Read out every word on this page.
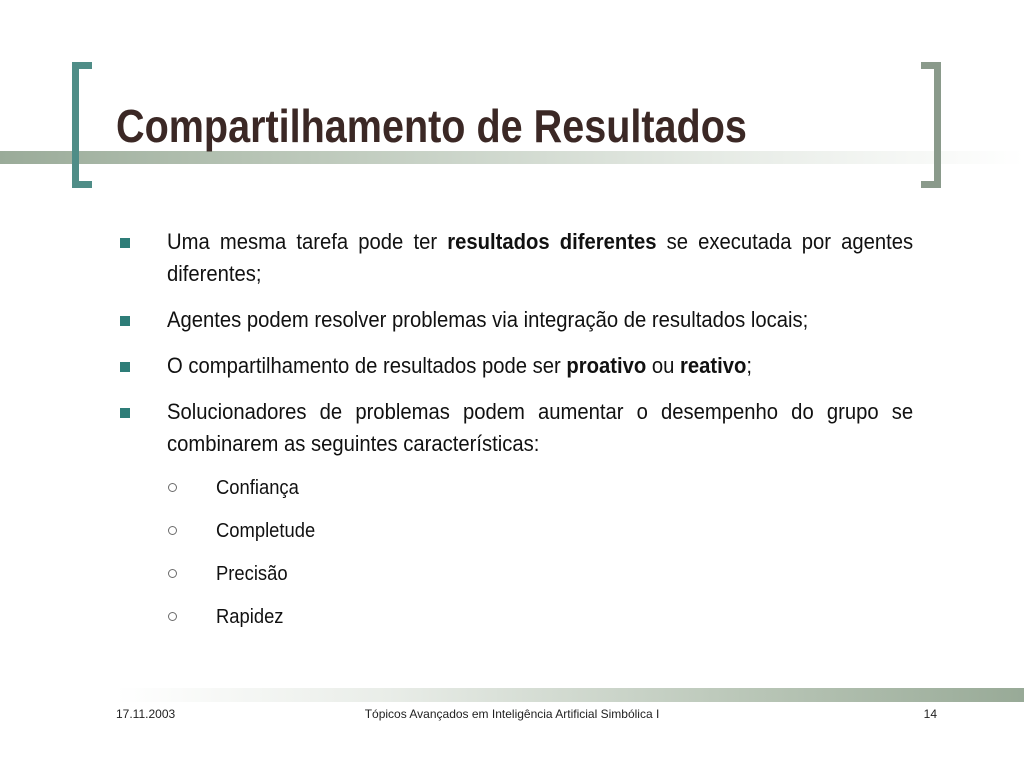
Compartilhamento de Resultados
Uma mesma tarefa pode ter resultados diferentes se executada por agentes diferentes;
Agentes podem resolver problemas via integração de resultados locais;
O compartilhamento de resultados pode ser proativo ou reativo;
Solucionadores de problemas podem aumentar o desempenho do grupo se combinarem as seguintes características:
Confiança
Completude
Precisão
Rapidez
17.11.2003	Tópicos Avançados em Inteligência Artificial Simbólica I	14
